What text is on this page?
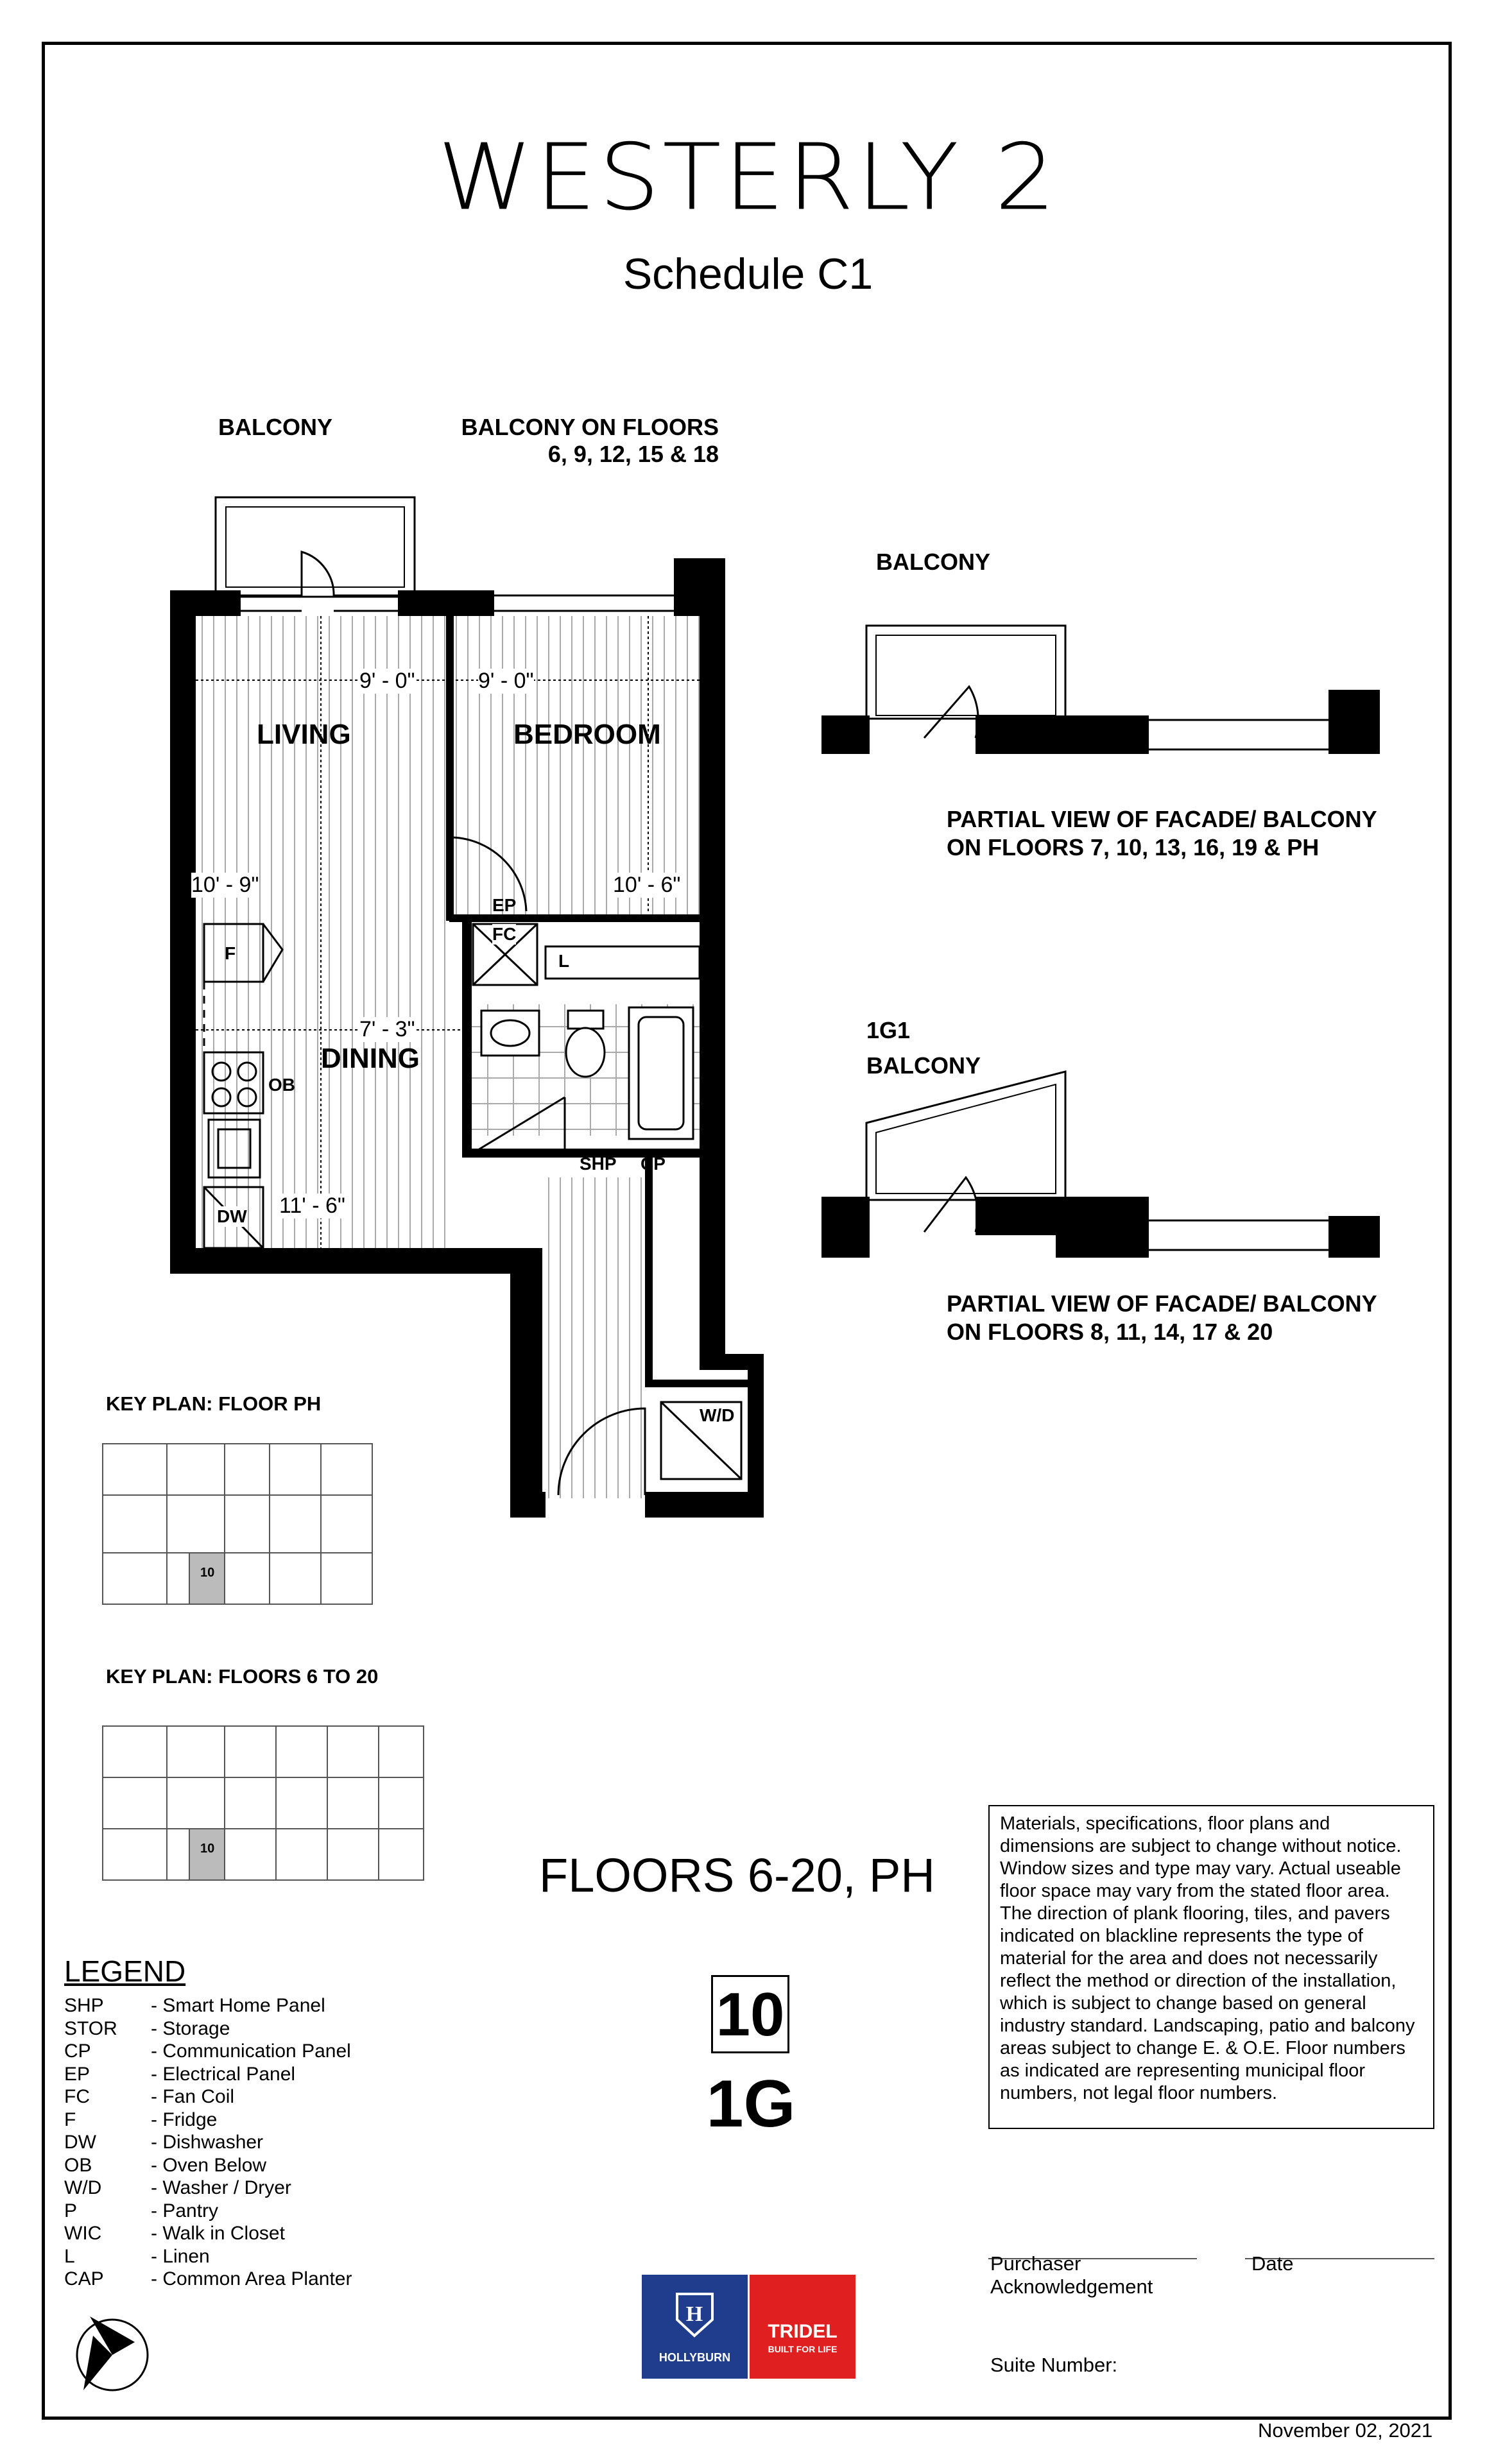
WESTERLY 2
Schedule C1
BALCONY	BALCONY ON FLOORS
6, 9, 12, 15 & 18
LIVING	BEDROOM
DINING
9' - 0"	9' - 0"
10' - 9"	10' - 6"
7' - 3"
11' - 6"
EP
FC
L
F
OB
DW
SHP CP
W/D
BALCONY
PARTIAL VIEW OF FACADE/ BALCONY
ON FLOORS 7, 10, 13, 16, 19 & PH
1G1
BALCONY
PARTIAL VIEW OF FACADE/ BALCONY
ON FLOORS 8, 11, 14, 17 & 20
KEY PLAN: FLOOR PH
10
KEY PLAN: FLOORS 6 TO 20
10	FLOORS 6-20, PH
10
1G
Materials, specifications, floor plans and dimensions are subject to change without notice. Window sizes and type may vary. Actual useable floor space may vary from the stated floor area. The direction of plank flooring, tiles, and pavers indicated on blackline represents the type of material for the area and does not necessarily reflect the method or direction of the installation, which is subject to change based on general industry standard. Landscaping, patio and balcony areas subject to change E. & O.E. Floor numbers as indicated are representing municipal floor numbers, not legal floor numbers.
LEGEND
SHP	- Smart Home Panel
STOR	- Storage
CP	- Communication Panel
EP	- Electrical Panel
FC	- Fan Coil
F	- Fridge
DW	- Dishwasher
OB	- Oven Below
W/D	- Washer / Dryer
P	- Pantry
WIC	- Walk in Closet
L	- Linen
CAP	- Common Area Planter
H
HOLLYBURN
TRIDEL
BUILT FOR LIFE
Purchaser
Acknowledgement
Date
Suite Number:
November 02, 2021
